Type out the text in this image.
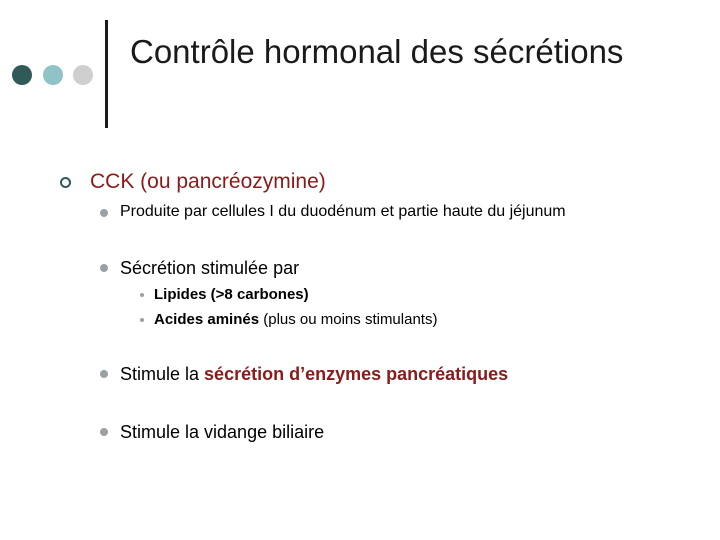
Contrôle hormonal des sécrétions
CCK (ou pancréozymine)
Produite par cellules I du duodénum et partie haute du jéjunum
Sécrétion stimulée par
Lipides (>8 carbones)
Acides aminés (plus ou moins stimulants)
Stimule la sécrétion d’enzymes pancréatiques
Stimule la vidange biliaire
